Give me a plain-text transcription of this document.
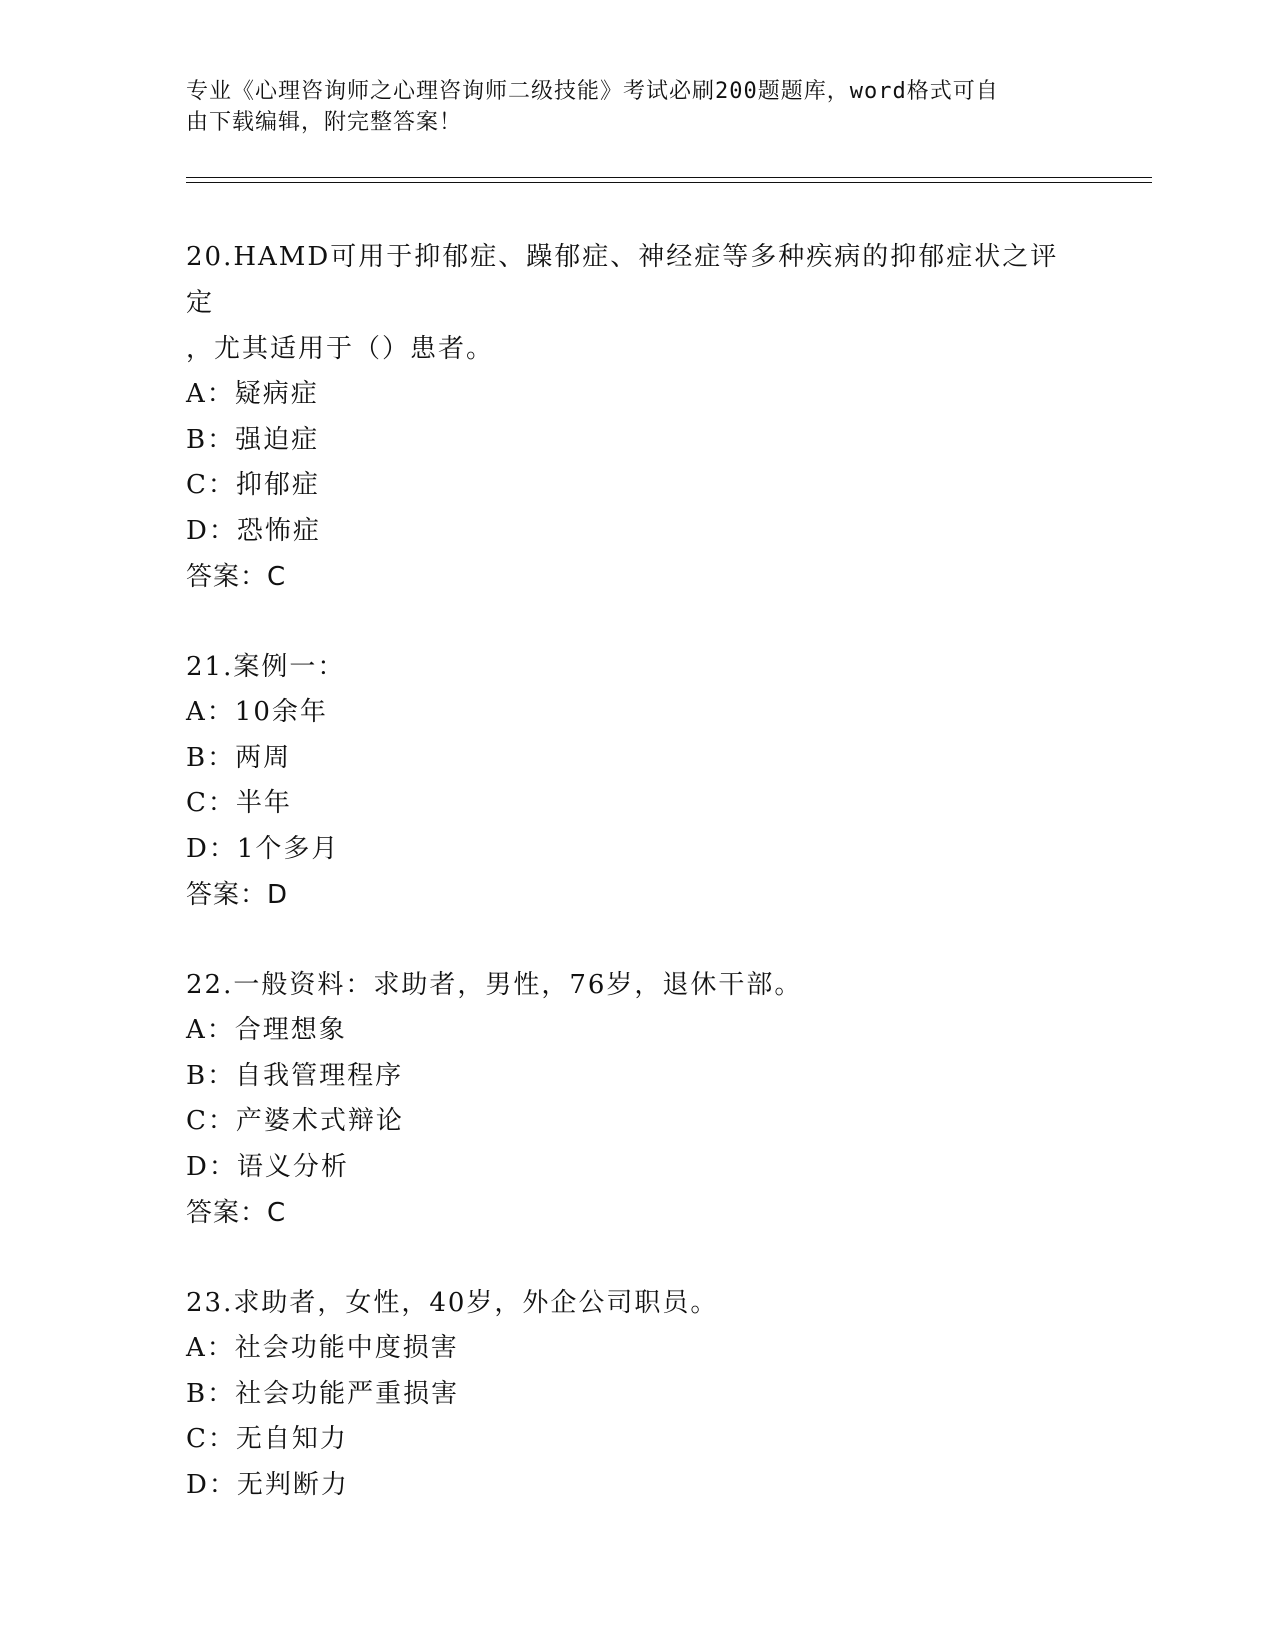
专业《心理咨询师之心理咨询师二级技能》考试必刷200题题库，word格式可自
由下载编辑，附完整答案！
20.HAMD可用于抑郁症、躁郁症、神经症等多种疾病的抑郁症状之评定
，尤其适用于（）患者。
A：疑病症
B：强迫症
C：抑郁症
D：恐怖症
答案：C
21.案例一：
A：10余年
B：两周
C：半年
D：1个多月
答案：D
22.一般资料：求助者，男性，76岁，退休干部。
A：合理想象
B：自我管理程序
C：产婆术式辩论
D：语义分析
答案：C
23.求助者，女性，40岁，外企公司职员。
A：社会功能中度损害
B：社会功能严重损害
C：无自知力
D：无判断力
